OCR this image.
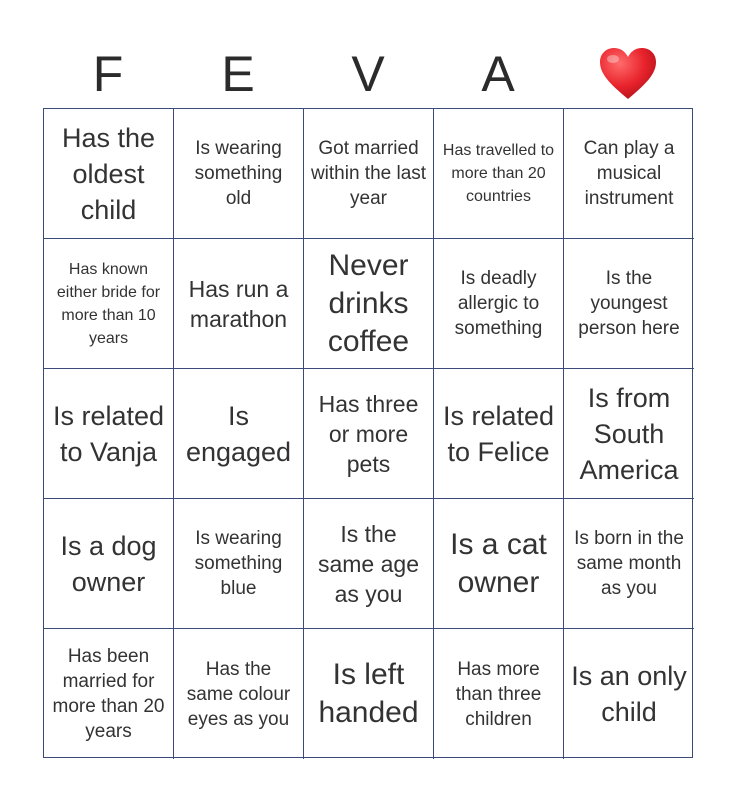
F	E	V	A
Has the oldest child
Is wearing something old
Got married within the last year
Has travelled to more than 20 countries
Can play a musical instrument
Has known either bride for more than 10 years
Has run a marathon
Never drinks coffee
Is deadly allergic to something
Is the youngest person here
Is related to Vanja
Is engaged
Has three or more pets
Is related to Felice
Is from South America
Is a dog owner
Is wearing something blue
Is the same age as you
Is a cat owner
Is born in the same month as you
Has been married for more than 20 years
Has the same colour eyes as you
Is left handed
Has more than three children
Is an only child
